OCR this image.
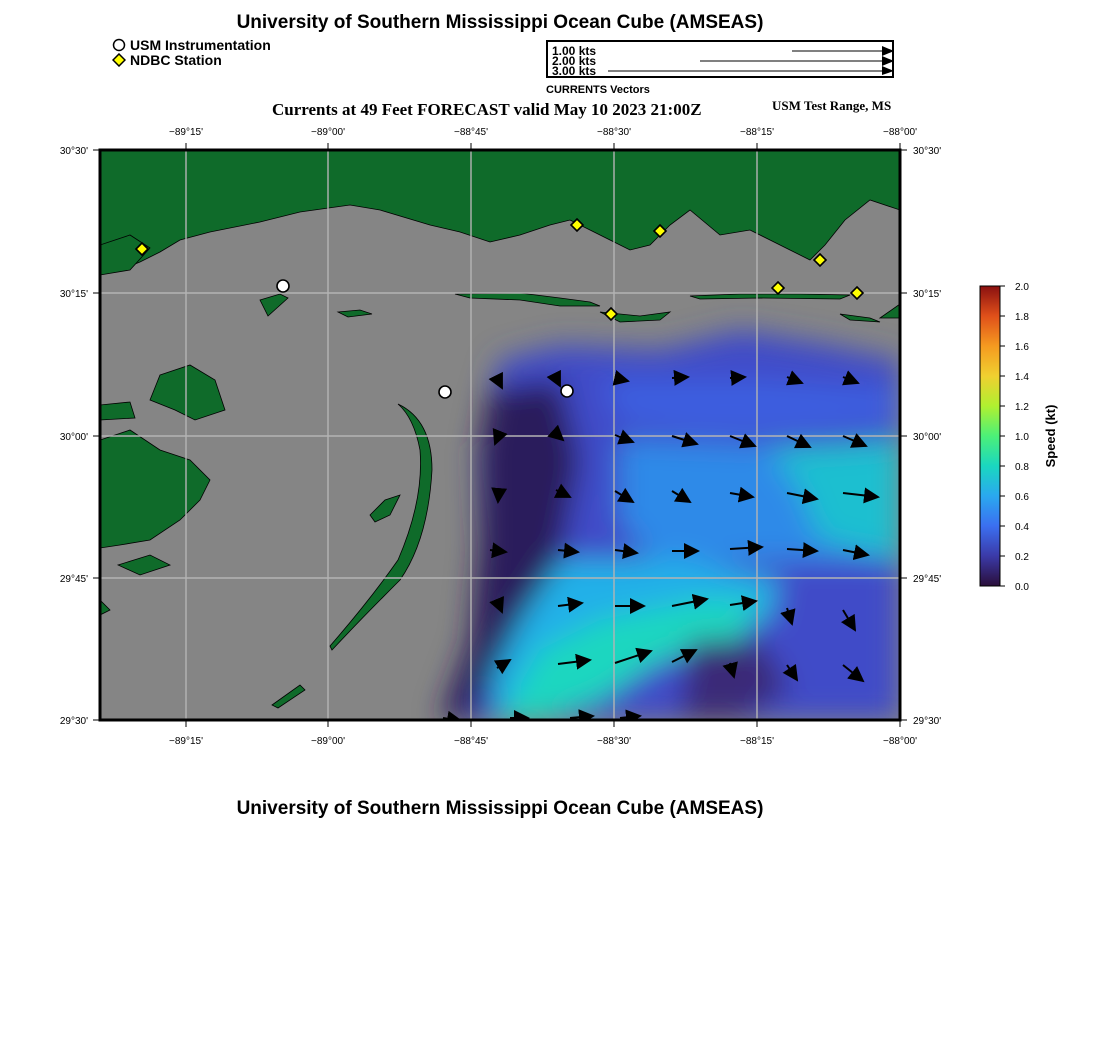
University of Southern Mississippi Ocean Cube (AMSEAS)
USM Instrumentation
NDBC Station
1.00 kts
2.00 kts
3.00 kts
CURRENTS Vectors
Currents at 49 Feet FORECAST valid May 10 2023 21:00Z	USM Test Range, MS
−89°15'	−89°00'	−88°45'	−88°30'	−88°15'	−88°00'
−89°15'	−89°00'	−88°45'	−88°30'	−88°15'	−88°00'
30°30'
30°15'
30°00'
29°45'
29°30'
30°30'
30°15'
30°00'
29°45'
29°30'
2.0
1.8
1.6
1.4
1.2
1.0
0.8
0.6
0.4
0.2
0.0
Speed (kt)
University of Southern Mississippi Ocean Cube (AMSEAS)
